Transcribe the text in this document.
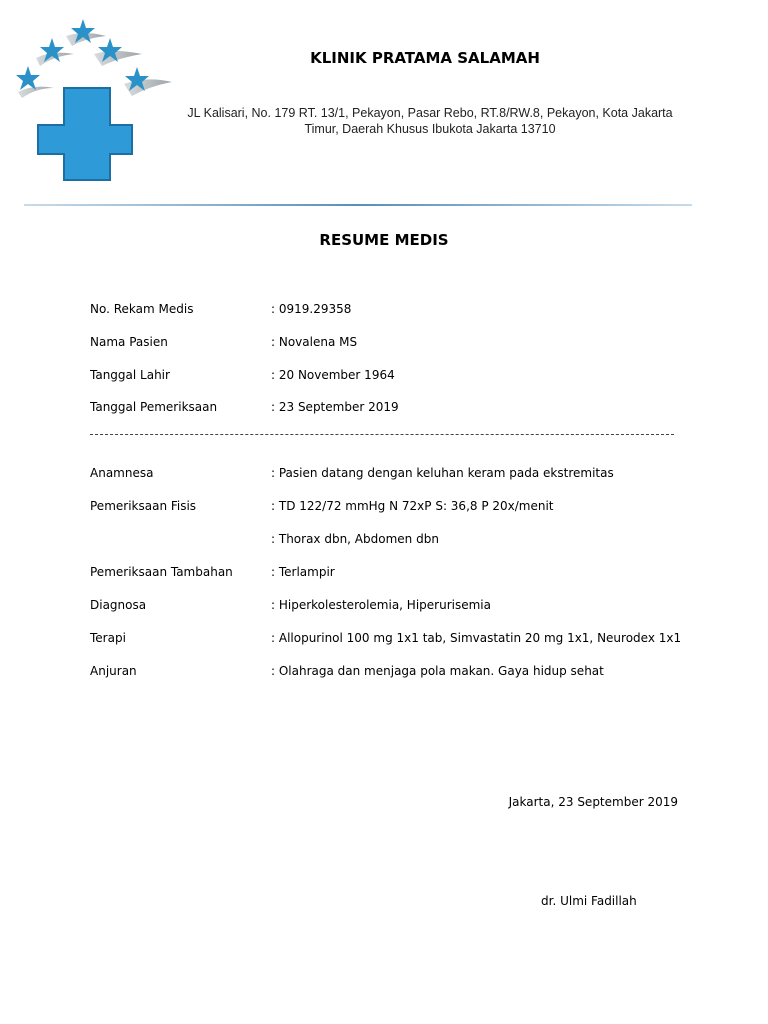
KLINIK PRATAMA SALAMAH
JL Kalisari, No. 179 RT. 13/1, Pekayon, Pasar Rebo, RT.8/RW.8, Pekayon, Kota Jakarta Timur, Daerah Khusus Ibukota Jakarta 13710
RESUME MEDIS
No. Rekam Medis	: 0919.29358
Nama Pasien	: Novalena MS
Tanggal Lahir	: 20 November 1964
Tanggal Pemeriksaan	: 23 September 2019
Anamnesa	: Pasien datang dengan keluhan keram pada ekstremitas
Pemeriksaan Fisis	: TD 122/72 mmHg N 72xP S: 36,8 P 20x/menit
: Thorax dbn, Abdomen dbn
Pemeriksaan Tambahan	: Terlampir
Diagnosa	: Hiperkolesterolemia, Hiperurisemia
Terapi	: Allopurinol 100 mg 1x1 tab, Simvastatin 20 mg 1x1, Neurodex 1x1
Anjuran	: Olahraga dan menjaga pola makan. Gaya hidup sehat
Jakarta, 23 September 2019
dr. Ulmi Fadillah
